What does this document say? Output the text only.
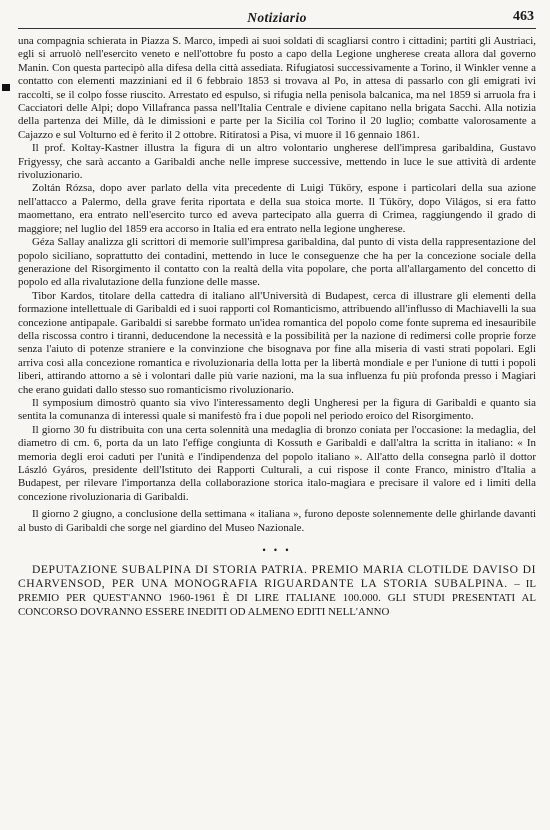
Notiziario	463

una compagnia schierata in Piazza S. Marco, impedì ai suoi soldati di scagliarsi contro i cittadini; partiti gli Austriaci, egli si arruolò nell'esercito veneto e nell'ottobre fu posto a capo della Legione ungherese creata allora dal governo Manin. Con questa partecipò alla difesa della città assediata. Rifugiatosi successivamente a Torino, il Winkler venne a contatto con elementi mazziniani ed il 6 febbraio 1853 si trovava al Po, in attesa di passarlo con gli emigrati ivi raccolti, se il colpo fosse riuscito. Arrestato ed espulso, si rifugia nella penisola balcanica, ma nel 1859 si arruola fra i Cacciatori delle Alpi; dopo Villafranca passa nell'Italia Centrale e diviene capitano nella brigata Sacchi. Alla notizia della partenza dei Mille, dà le dimissioni e parte per la Sicilia col Torino il 20 luglio; combatte valorosamente a Cajazzo e sul Volturno ed è ferito il 2 ottobre. Ritiratosi a Pisa, vi muore il 16 gennaio 1861.

Il prof. Koltay-Kastner illustra la figura di un altro volontario ungherese dell'impresa garibaldina, Gustavo Frigyessy, che sarà accanto a Garibaldi anche nelle imprese successive, mettendo in luce le sue attività di ardente rivoluzionario.

Zoltán Rózsa, dopo aver parlato della vita precedente di Luigi Tüköry, espone i particolari della sua azione nell'attacco a Palermo, della grave ferita riportata e della sua stoica morte. Il Tüköry, dopo Világos, si era fatto maomettano, era entrato nell'esercito turco ed aveva partecipato alla guerra di Crimea, raggiungendo il grado di maggiore; nel luglio del 1859 era accorso in Italia ed era entrato nella legione ungherese.

Géza Sallay analizza gli scrittori di memorie sull'impresa garibaldina, dal punto di vista della rappresentazione del popolo siciliano, soprattutto dei contadini, mettendo in luce le conseguenze che ha per la concezione sociale della generazione del Risorgimento il contatto con la realtà della vita popolare, che porta all'allargamento del concetto di popolo ed alla rivalutazione della funzione delle masse.

Tibor Kardos, titolare della cattedra di italiano all'Università di Budapest, cerca di illustrare gli elementi della formazione intellettuale di Garibaldi ed i suoi rapporti col Romanticismo, attribuendo all'influsso di Machiavelli la sua concezione antipapale. Garibaldi si sarebbe formato un'idea romantica del popolo come fonte suprema ed inesauribile della riscossa contro i tiranni, deducendone la necessità e la possibilità per la nazione di redimersi colle proprie forze senza l'aiuto di potenze straniere e la convinzione che bisognava por fine alla miseria di vasti strati popolari. Egli arriva così alla concezione romantica e rivoluzionaria della lotta per la libertà mondiale e per l'unione di tutti i popoli liberi, attirando attorno a sè i volontari dalle più varie nazioni, ma la sua influenza fu più profonda presso i Magiari che erano guidati dallo stesso suo romanticismo rivoluzionario.

Il symposium dimostrò quanto sia vivo l'interessamento degli Ungheresi per la figura di Garibaldi e quanto sia sentita la comunanza di interessi quale si manifestò fra i due popoli nel periodo eroico del Risorgimento.

Il giorno 30 fu distribuita con una certa solennità una medaglia di bronzo coniata per l'occasione: la medaglia, del diametro di cm. 6, porta da un lato l'effige congiunta di Kossuth e Garibaldi e dall'altra la scritta in italiano: « In memoria degli eroi caduti per l'unità e l'indipendenza del popolo italiano ». All'atto della consegna parlò il dottor László Gyáros, presidente dell'Istituto dei Rapporti Culturali, a cui rispose il conte Franco, ministro d'Italia a Budapest, per rilevare l'importanza della collaborazione storica italo-magiara e precisare il valore ed i limiti della concezione rivoluzionaria di Garibaldi.

Il giorno 2 giugno, a conclusione della settimana « italiana », furono deposte solennemente delle ghirlande davanti al busto di Garibaldi che sorge nel giardino del Museo Nazionale.

• • •

DEPUTAZIONE SUBALPINA DI STORIA PATRIA. PREMIO MARIA CLOTILDE DAVISO DI CHARVENSOD, PER UNA MONOGRAFIA RIGUARDANTE LA STORIA SUBALPINA. – IL PREMIO PER QUEST'ANNO 1960-1961 È DI LIRE ITALIANE 100.000. GLI STUDI PRESENTATI AL CONCORSO DOVRANNO ESSERE INEDITI OD ALMENO EDITI NELL'ANNO
